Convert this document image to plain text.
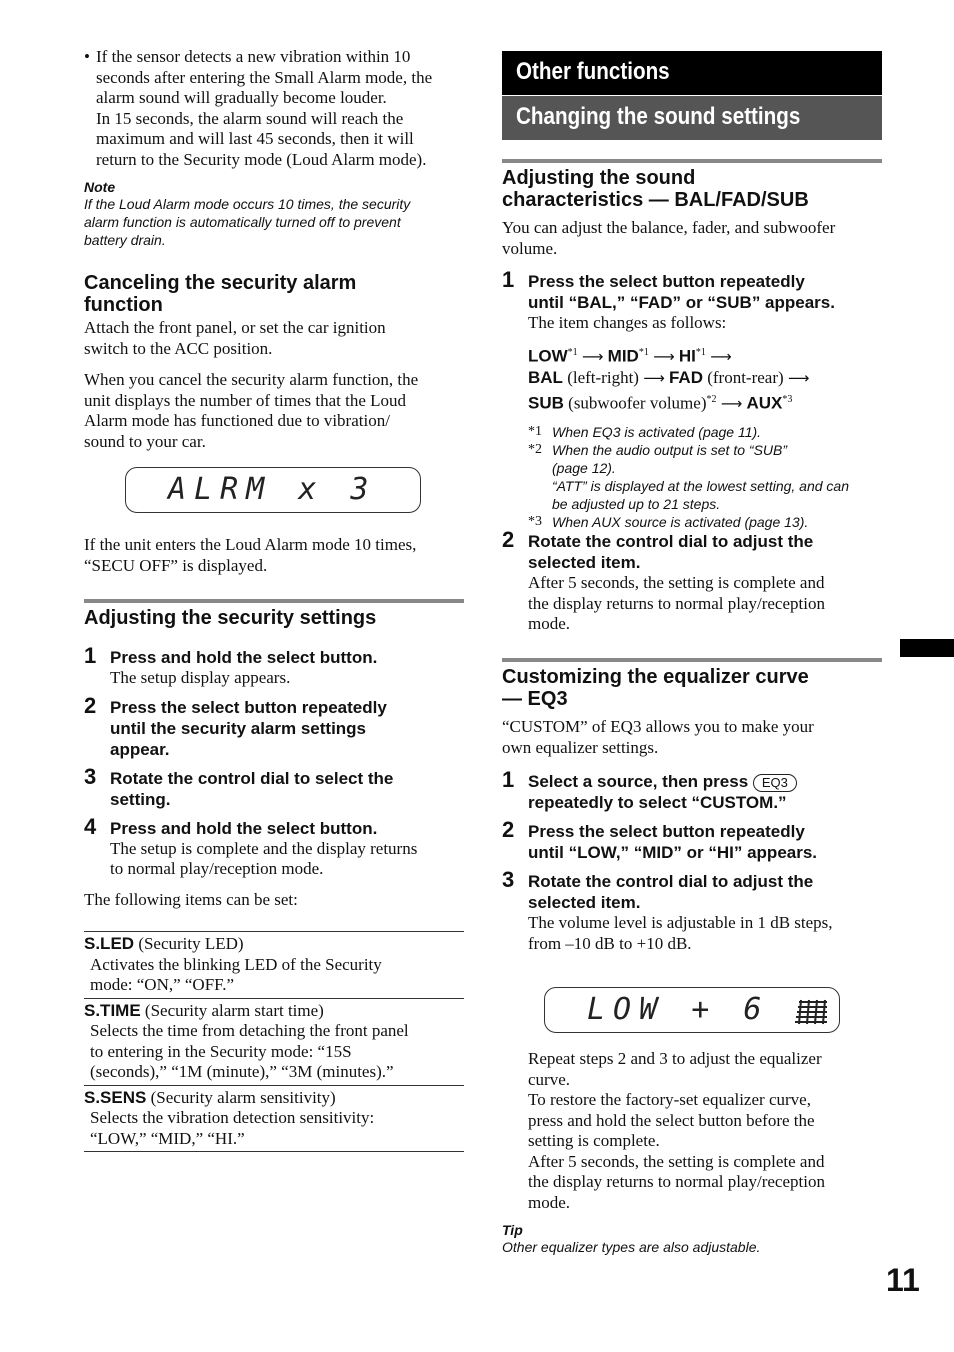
• If the sensor detects a new vibration within 10
seconds after entering the Small Alarm mode, the
alarm sound will gradually become louder.
In 15 seconds, the alarm sound will reach the
maximum and will last 45 seconds, then it will
return to the Security mode (Loud Alarm mode).
Note
If the Loud Alarm mode occurs 10 times, the security
alarm function is automatically turned off to prevent
battery drain.
Canceling the security alarm
function
Attach the front panel, or set the car ignition
switch to the ACC position.
When you cancel the security alarm function, the
unit displays the number of times that the Loud
Alarm mode has functioned due to vibration/
sound to your car.
ALRM x 3
If the unit enters the Loud Alarm mode 10 times,
“SECU OFF” is displayed.
Adjusting the security settings
1 Press and hold the select button.
The setup display appears.
2 Press the select button repeatedly
until the security alarm settings
appear.
3 Rotate the control dial to select the
setting.
4 Press and hold the select button.
The setup is complete and the display returns
to normal play/reception mode.
The following items can be set:
S.LED (Security LED)
Activates the blinking LED of the Security
mode: “ON,” “OFF.”

S.TIME (Security alarm start time)
Selects the time from detaching the front panel
to entering in the Security mode: “15S
(seconds),” “1M (minute),” “3M (minutes).”

S.SENS (Security alarm sensitivity)
Selects the vibration detection sensitivity:
“LOW,” “MID,” “HI.”
Other functions
Changing the sound settings
Adjusting the sound
characteristics — BAL/FAD/SUB
You can adjust the balance, fader, and subwoofer
volume.
1 Press the select button repeatedly
until “BAL,” “FAD” or “SUB” appears.
The item changes as follows:
LOW$^{*1}$ ⟶ MID$^{*1}$ ⟶ HI$^{*1}$ ⟶
BAL (left-right) ⟶ FAD (front-rear) ⟶
SUB (subwoofer volume)$^{*2}$ ⟶ AUX$^{*3}$
*1 When EQ3 is activated (page 11).
*2 When the audio output is set to “SUB”
(page 12).
“ATT” is displayed at the lowest setting, and can
be adjusted up to 21 steps.
*3 When AUX source is activated (page 13).
2 Rotate the control dial to adjust the
selected item.
After 5 seconds, the setting is complete and
the display returns to normal play/reception
mode.
Customizing the equalizer curve
— EQ3
“CUSTOM” of EQ3 allows you to make your
own equalizer settings.
1 Select a source, then press EQ3
repeatedly to select “CUSTOM.”
2 Press the select button repeatedly
until “LOW,” “MID” or “HI” appears.
3 Rotate the control dial to adjust the
selected item.
The volume level is adjustable in 1 dB steps,
from –10 dB to +10 dB.
LOW + 6
Repeat steps 2 and 3 to adjust the equalizer
curve.
To restore the factory-set equalizer curve,
press and hold the select button before the
setting is complete.
After 5 seconds, the setting is complete and
the display returns to normal play/reception
mode.
Tip
Other equalizer types are also adjustable.
11
